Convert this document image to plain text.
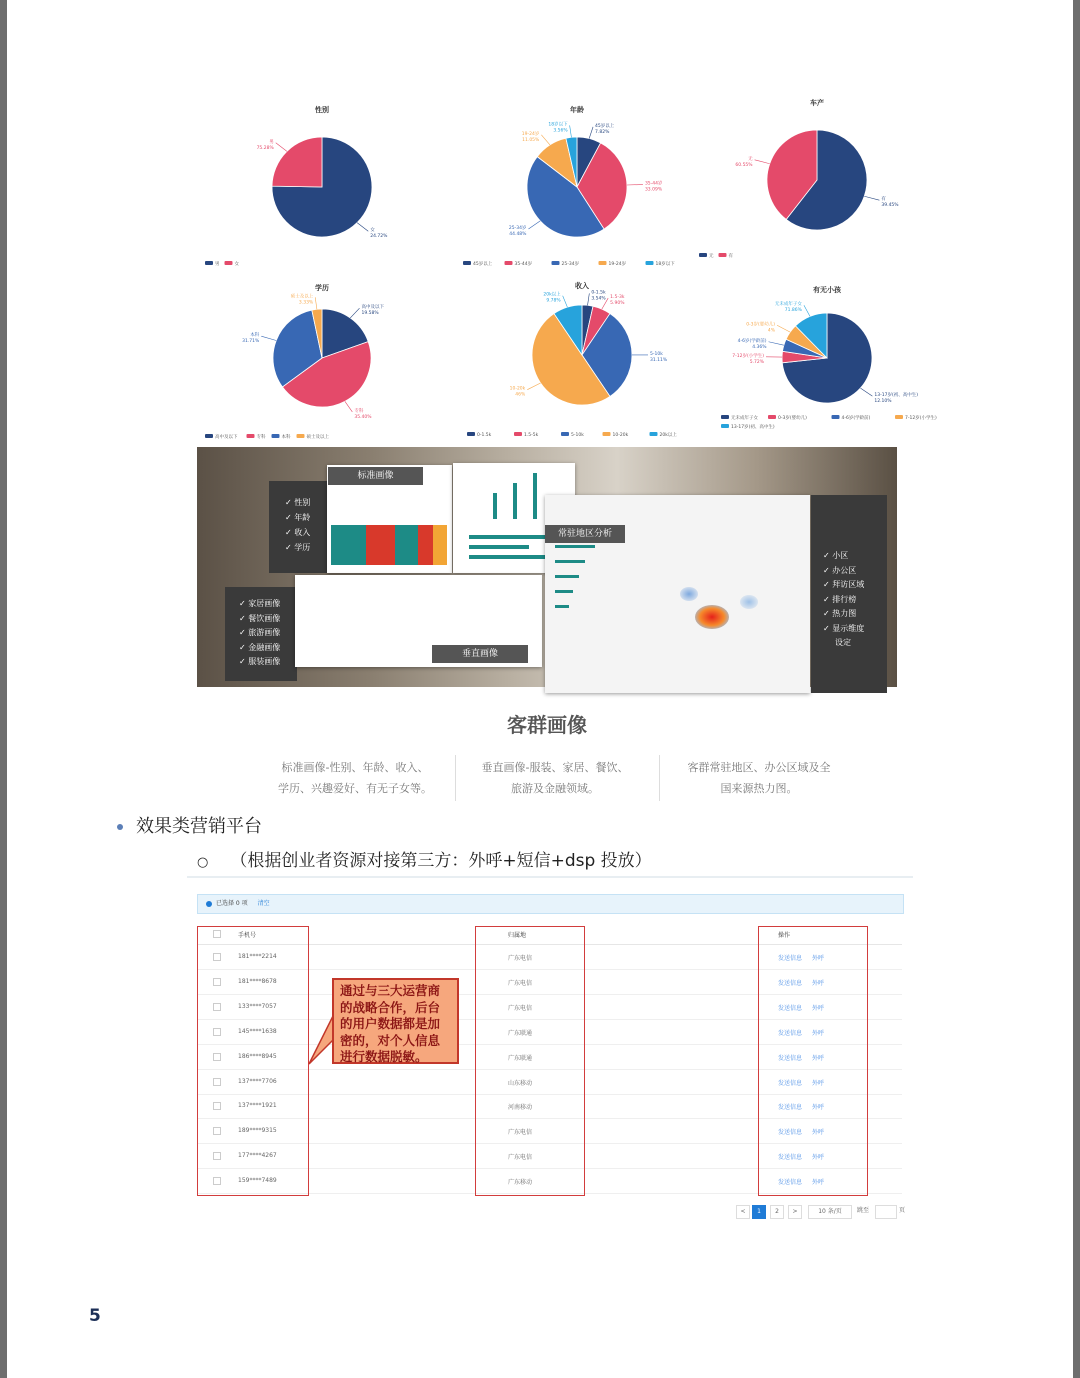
女
24.72%
男
75.28%
性别
男	女
45岁以上
7.82%
35-44岁
33.09%
25-34岁
44.48%
19-24岁
11.05%
18岁以下
3.56%
年龄
45岁以上	35-44岁	25-34岁	19-24岁	18岁以下
有
39.45%
无
60.55%
车产
无	有
高中及以下
19.58%
专科
35.40%
本科
31.71%
硕士及以上
3.33%
学历
高中及以下	专科	本科	硕士及以上
0-1.5k
3.54% 1.5-3k
5.90%
5-10k
31.11%
10-20k
46%
20k以上
9.78%
收入
0-1.5k	1.5-5k	5-10k	10-20k	20k以上
13-17岁(初、高中生)
12.10%
7-12岁(小学生)
5.72%
4-6岁(学龄前)
4.36%
0-3岁(婴幼儿)
4%
无未成年子女
71.86%
有无小孩
无未成年子女	0-3岁(婴幼儿)	4-6岁(学龄前)	7-12岁(小学生)
13-17岁(初、高中生)
✓ 性别
✓ 年龄
✓ 收入
✓ 学历
✓ 家居画像
✓ 餐饮画像
✓ 旅游画像
✓ 金融画像
✓ 服装画像
标准画像
垂直画像
常驻地区分析
✓ 小区
✓ 办公区
✓ 拜访区域
✓ 排行榜
✓ 热力图
✓ 显示维度
设定
客群画像
标准画像-性别、年龄、收入、
学历、兴趣爱好、有无子女等。
垂直画像-服装、家居、餐饮、
旅游及金融领域。
客群常驻地区、办公区域及全
国来源热力图。
效果类营销平台
○ （根据创业者资源对接第三方：外呼+短信+dsp 投放）
已选择 0 项 清空
手机号	归属地	操作
181****2214	广东电信	发送信息 外呼
181****8678	广东电信	发送信息 外呼
133****7057	广东电信	发送信息 外呼
145****1638	广东联通	发送信息 外呼
186****8945	广东联通	发送信息 外呼
137****7706	山东移动	发送信息 外呼
137****1921	河南移动	发送信息 外呼
189****9315	广东电信	发送信息 外呼
177****4267	广东电信	发送信息 外呼
159****7489	广东移动	发送信息 外呼
通过与三大运营商的战略合作，后台的用户数据都是加密的，对个人信息进行数据脱敏。
<	1	2	>	10 条/页	跳至	页
5
